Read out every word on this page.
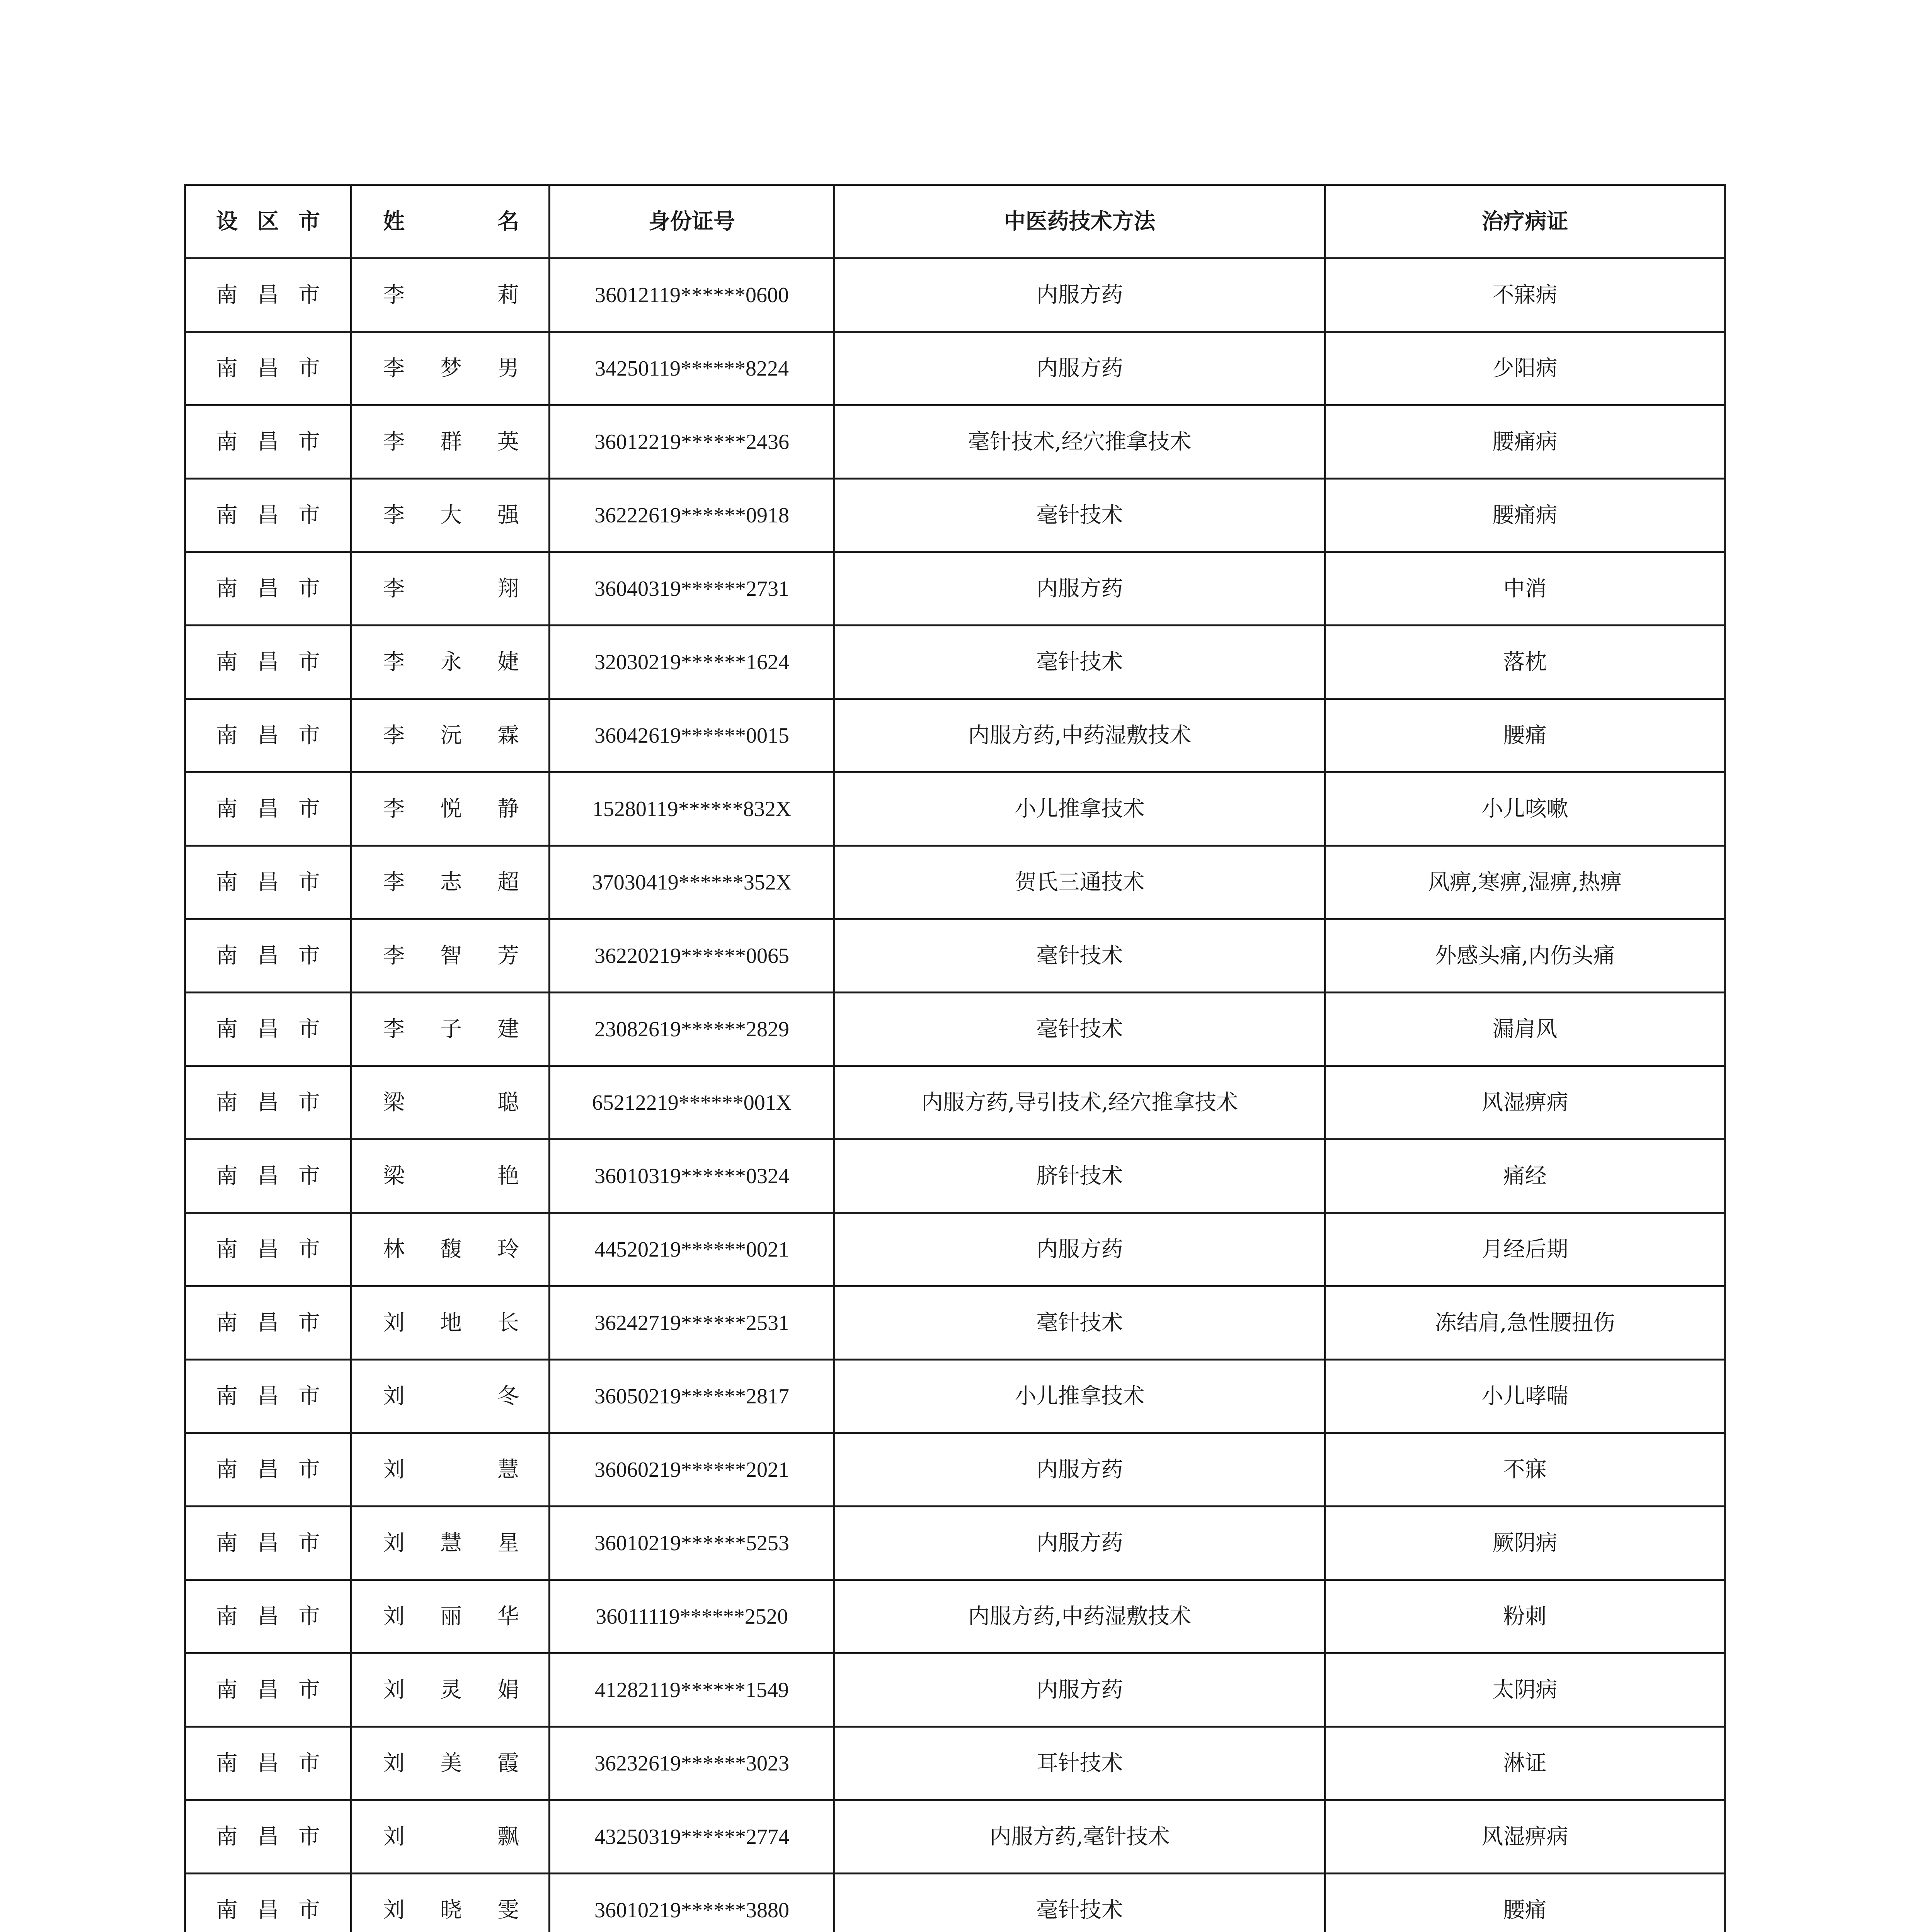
设 区 市	姓 名	身份证号	中医药技术方法	治疗病证

南 昌 市	李 莉	36012119******0600	内服方药	不寐病

南 昌 市	李 梦 男	34250119******8224	内服方药	少阳病

南 昌 市	李 群 英	36012219******2436	毫针技术,经穴推拿技术	腰痛病

南 昌 市	李 大 强	36222619******0918	毫针技术	腰痛病

南 昌 市	李 翔	36040319******2731	内服方药	中消

南 昌 市	李 永 婕	32030219******1624	毫针技术	落枕

南 昌 市	李 沅 霖	36042619******0015	内服方药,中药湿敷技术	腰痛

南 昌 市	李 悦 静	15280119******832X	小儿推拿技术	小儿咳嗽

南 昌 市	李 志 超	37030419******352X	贺氏三通技术	风痹,寒痹,湿痹,热痹

南 昌 市	李 智 芳	36220219******0065	毫针技术	外感头痛,内伤头痛

南 昌 市	李 子 建	23082619******2829	毫针技术	漏肩风

南 昌 市	梁 聪	65212219******001X	内服方药,导引技术,经穴推拿技术	风湿痹病

南 昌 市	梁 艳	36010319******0324	脐针技术	痛经

南 昌 市	林 馥 玲	44520219******0021	内服方药	月经后期

南 昌 市	刘 地 长	36242719******2531	毫针技术	冻结肩,急性腰扭伤

南 昌 市	刘 冬	36050219******2817	小儿推拿技术	小儿哮喘

南 昌 市	刘 慧	36060219******2021	内服方药	不寐

南 昌 市	刘 慧 星	36010219******5253	内服方药	厥阴病

南 昌 市	刘 丽 华	36011119******2520	内服方药,中药湿敷技术	粉刺

南 昌 市	刘 灵 娟	41282119******1549	内服方药	太阴病

南 昌 市	刘 美 霞	36232619******3023	耳针技术	淋证

南 昌 市	刘 飘	43250319******2774	内服方药,毫针技术	风湿痹病

南 昌 市	刘 晓 雯	36010219******3880	毫针技术	腰痛
